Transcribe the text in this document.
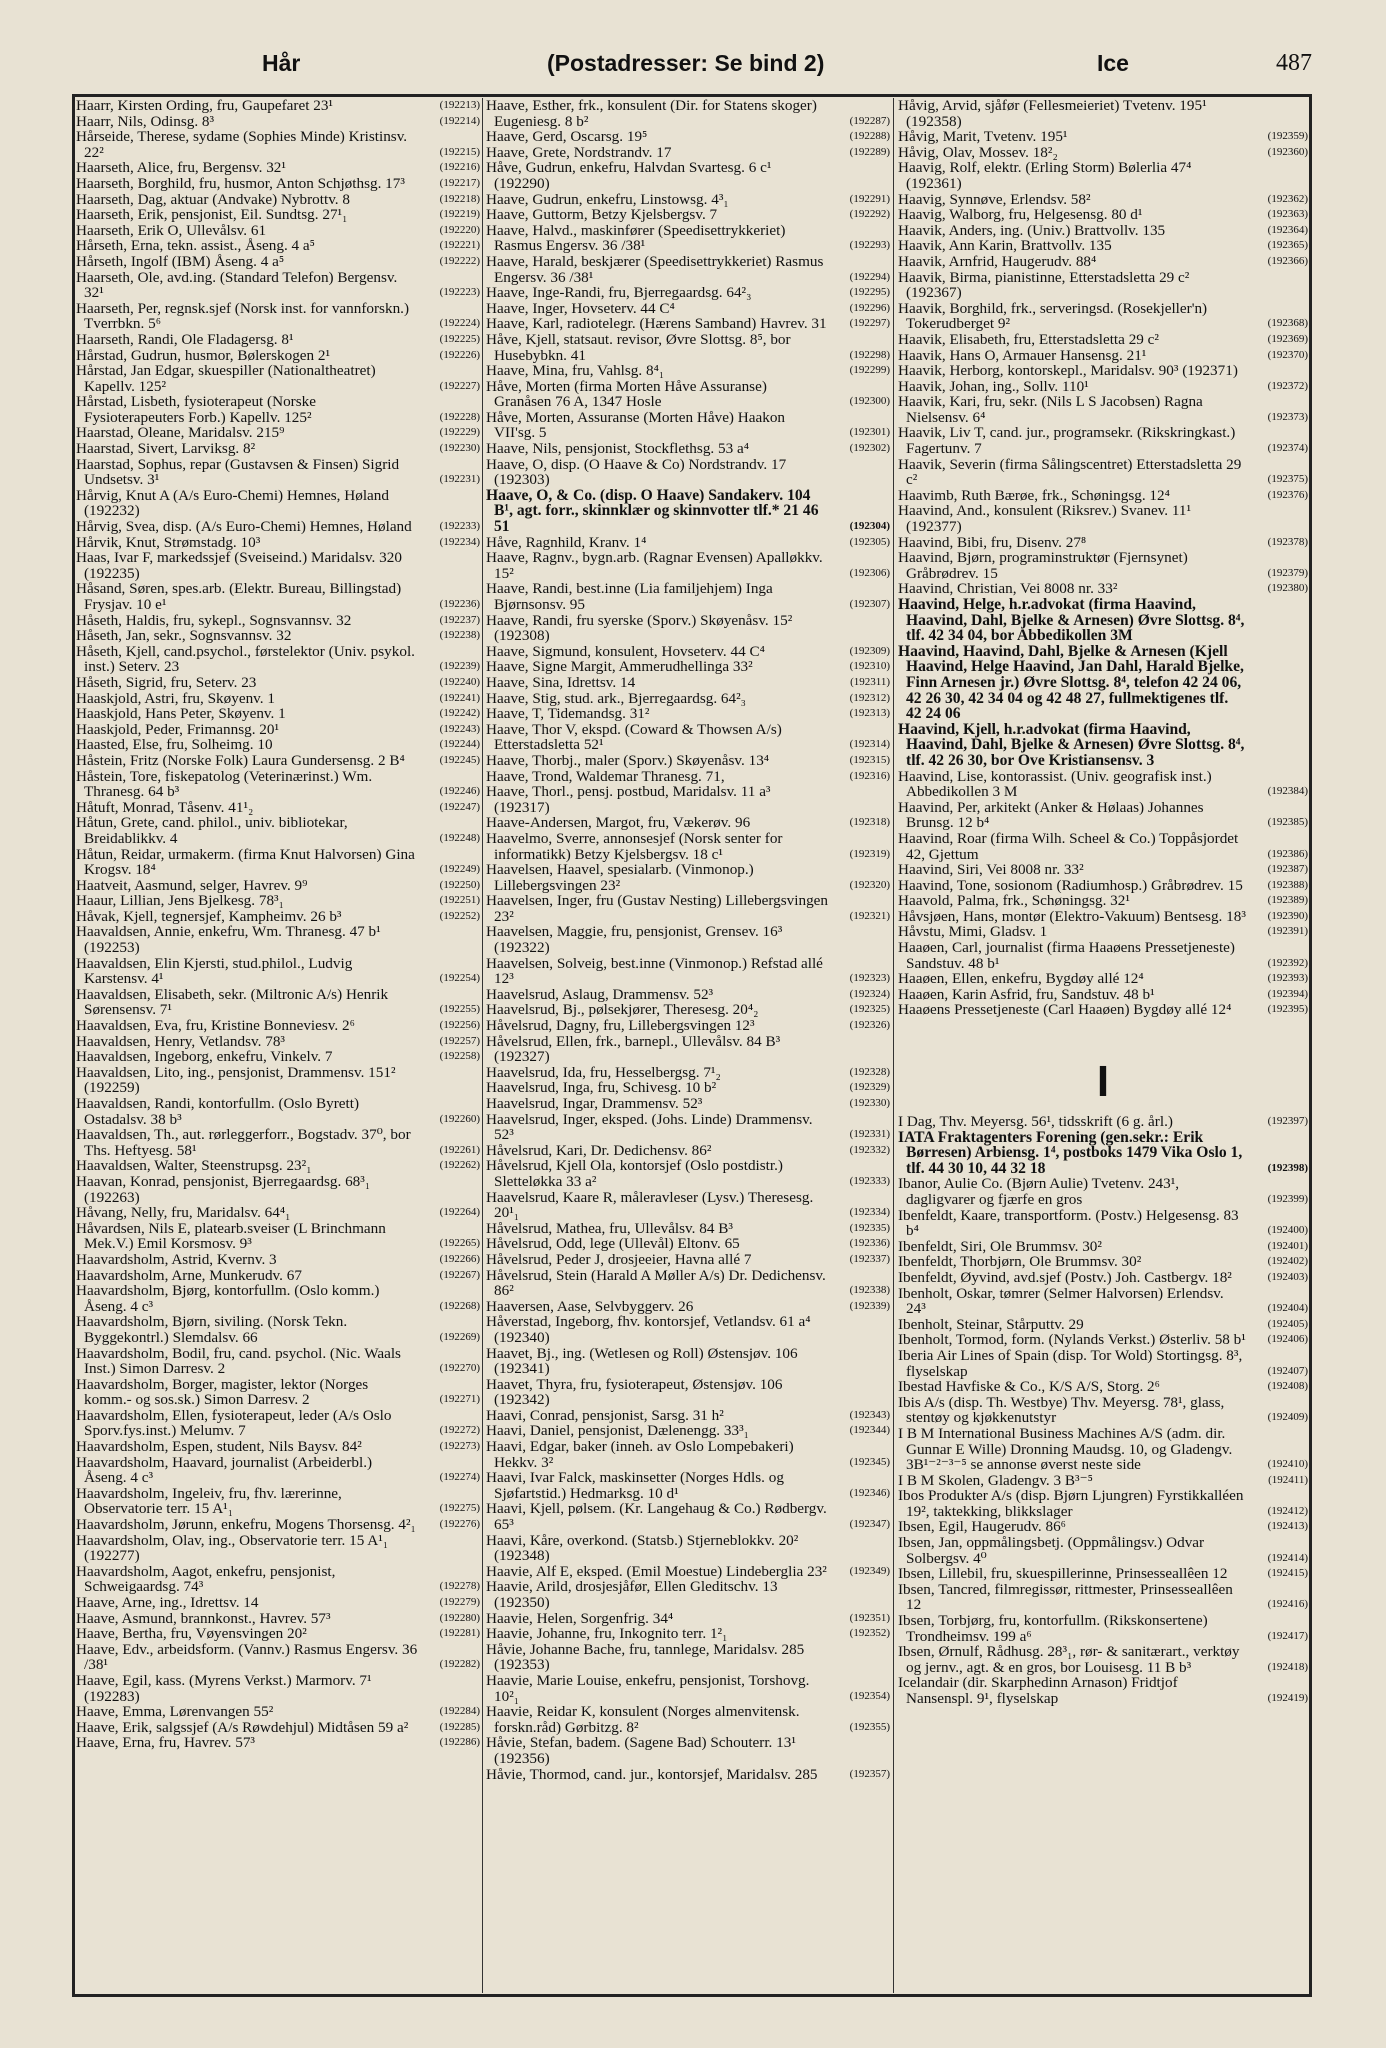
Hår	(Postadresser: Se bind 2)	Ice	487
Haarr, Kirsten Ording, fru, Gaupefaret 23¹	(192213)
Haarr, Nils, Odinsg. 8³	(192214)
Hårseide, Therese, sydame (Sophies Minde) Kristinsv. 22²	(192215)
Haarseth, Alice, fru, Bergensv. 32¹	(192216)
Haarseth, Borghild, fru, husmor, Anton Schjøthsg. 17³	(192217)
Haarseth, Dag, aktuar (Andvake) Nybrottv. 8	(192218)
Haarseth, Erik, pensjonist, Eil. Sundtsg. 27¹₁	(192219)
Haarseth, Erik O, Ullevålsv. 61	(192220)
Hårseth, Erna, tekn. assist., Åseng. 4 a⁵	(192221)
Hårseth, Ingolf (IBM) Åseng. 4 a⁵	(192222)
Haarseth, Ole, avd.ing. (Standard Telefon) Bergensv. 32¹	(192223)
Haarseth, Per, regnsk.sjef (Norsk inst. for vannforskn.) Tverrbkn. 5⁶	(192224)
Haarseth, Randi, Ole Fladagersg. 8¹	(192225)
Hårstad, Gudrun, husmor, Bølerskogen 2¹	(192226)
Hårstad, Jan Edgar, skuespiller (Nationaltheatret) Kapellv. 125²	(192227)
Hårstad, Lisbeth, fysioterapeut (Norske Fysioterapeuters Forb.) Kapellv. 125²	(192228)
Haarstad, Oleane, Maridalsv. 215⁹	(192229)
Haarstad, Sivert, Larviksg. 8²	(192230)
Haarstad, Sophus, repar (Gustavsen & Finsen) Sigrid Undsetsv. 3¹	(192231)
Hårvig, Knut A (A/s Euro-Chemi) Hemnes, Høland (192232)
Hårvig, Svea, disp. (A/s Euro-Chemi) Hemnes, Høland	(192233)
Hårvik, Knut, Strømstadg. 10³	(192234)
Haas, Ivar F, markedssjef (Sveiseind.) Maridalsv. 320 (192235)
Håsand, Søren, spes.arb. (Elektr. Bureau, Billingstad) Frysjav. 10 e¹	(192236)
Håseth, Haldis, fru, sykepl., Sognsvannsv. 32	(192237)
Håseth, Jan, sekr., Sognsvannsv. 32	(192238)
Håseth, Kjell, cand.psychol., førstelektor (Univ. psykol. inst.) Seterv. 23	(192239)
Håseth, Sigrid, fru, Seterv. 23	(192240)
Haaskjold, Astri, fru, Skøyenv. 1	(192241)
Haaskjold, Hans Peter, Skøyenv. 1	(192242)
Haaskjold, Peder, Frimannsg. 20¹	(192243)
Haasted, Else, fru, Solheimg. 10	(192244)
Håstein, Fritz (Norske Folk) Laura Gundersensg. 2 B⁴	(192245)
Håstein, Tore, fiskepatolog (Veterinærinst.) Wm. Thranesg. 64 b³	(192246)
Håtuft, Monrad, Tåsenv. 41¹₂	(192247)
Håtun, Grete, cand. philol., univ. bibliotekar, Breidablikkv. 4	(192248)
Håtun, Reidar, urmakerm. (firma Knut Halvorsen) Gina Krogsv. 18⁴	(192249)
Haatveit, Aasmund, selger, Havrev. 9⁹	(192250)
Haaur, Lillian, Jens Bjelkesg. 78³₁	(192251)
Håvak, Kjell, tegnersjef, Kampheimv. 26 b³	(192252)
Haavaldsen, Annie, enkefru, Wm. Thranesg. 47 b¹ (192253)
Haavaldsen, Elin Kjersti, stud.philol., Ludvig Karstensv. 4¹	(192254)
Haavaldsen, Elisabeth, sekr. (Miltronic A/s) Henrik Sørensensv. 7¹	(192255)
Haavaldsen, Eva, fru, Kristine Bonneviesv. 2⁶	(192256)
Haavaldsen, Henry, Vetlandsv. 78³	(192257)
Haavaldsen, Ingeborg, enkefru, Vinkelv. 7	(192258)
Haavaldsen, Lito, ing., pensjonist, Drammensv. 151² (192259)
Haavaldsen, Randi, kontorfullm. (Oslo Byrett) Ostadalsv. 38 b³	(192260)
Haavaldsen, Th., aut. rørleggerforr., Bogstadv. 37⁰, bor Ths. Heftyesg. 58¹	(192261)
Haavaldsen, Walter, Steenstrupsg. 23²₁	(192262)
Haavan, Konrad, pensjonist, Bjerregaardsg. 68³₁ (192263)
Håvang, Nelly, fru, Maridalsv. 64⁴₁	(192264)
Håvardsen, Nils E, platearb.sveiser (L Brinchmann Mek.V.) Emil Korsmosv. 9³	(192265)
Haavardsholm, Astrid, Kvernv. 3	(192266)
Haavardsholm, Arne, Munkerudv. 67	(192267)
Haavardsholm, Bjørg, kontorfullm. (Oslo komm.) Åseng. 4 c³	(192268)
Haavardsholm, Bjørn, siviling. (Norsk Tekn. Byggekontrl.) Slemdalsv. 66	(192269)
Haavardsholm, Bodil, fru, cand. psychol. (Nic. Waals Inst.) Simon Darresv. 2	(192270)
Haavardsholm, Borger, magister, lektor (Norges komm.- og sos.sk.) Simon Darresv. 2	(192271)
Haavardsholm, Ellen, fysioterapeut, leder (A/s Oslo Sporv.fys.inst.) Melumv. 7	(192272)
Haavardsholm, Espen, student, Nils Baysv. 84²	(192273)
Haavardsholm, Haavard, journalist (Arbeiderbl.) Åseng. 4 c³	(192274)
Haavardsholm, Ingeleiv, fru, fhv. lærerinne, Observatorie terr. 15 A¹₁	(192275)
Haavardsholm, Jørunn, enkefru, Mogens Thorsensg. 4²₁ (192276)
Haavardsholm, Olav, ing., Observatorie terr. 15 A¹₁ (192277)
Haavardsholm, Aagot, enkefru, pensjonist, Schweigaardsg. 74³	(192278)
Haave, Arne, ing., Idrettsv. 14	(192279)
Haave, Asmund, brannkonst., Havrev. 57³	(192280)
Haave, Bertha, fru, Vøyensvingen 20²	(192281)
Haave, Edv., arbeidsform. (Vannv.) Rasmus Engersv. 36 /38¹	(192282)
Haave, Egil, kass. (Myrens Verkst.) Marmorv. 7¹ (192283)
Haave, Emma, Lørenvangen 55²	(192284)
Haave, Erik, salgssjef (A/s Røwdehjul) Midtåsen 59 a²	(192285)
Haave, Erna, fru, Havrev. 57³	(192286)
Haave, Esther, frk., konsulent (Dir. for Statens skoger) Eugeniesg. 8 b²	(192287)
Haave, Gerd, Oscarsg. 19⁵	(192288)
Haave, Grete, Nordstrandv. 17	(192289)
Håve, Gudrun, enkefru, Halvdan Svartesg. 6 c¹ (192290)
Haave, Gudrun, enkefru, Linstowsg. 4³₁	(192291)
Haave, Guttorm, Betzy Kjelsbergsv. 7	(192292)
Haave, Halvd., maskinfører (Speedisettrykkeriet) Rasmus Engersv. 36 /38¹	(192293)
Haave, Harald, beskjærer (Speedisettrykkeriet) Rasmus Engersv. 36 /38¹	(192294)
Haave, Inge-Randi, fru, Bjerregaardsg. 64²₃	(192295)
Haave, Inger, Hovseterv. 44 C⁴	(192296)
Haave, Karl, radiotelegr. (Hærens Samband) Havrev. 31 (192297)
Håve, Kjell, statsaut. revisor, Øvre Slottsg. 8⁵, bor Husebybkn. 41	(192298)
Haave, Mina, fru, Vahlsg. 8⁴₁	(192299)
Håve, Morten (firma Morten Håve Assuranse) Granåsen 76 A, 1347 Hosle	(192300)
Håve, Morten, Assuranse (Morten Håve) Haakon VII'sg. 5	(192301)
Haave, Nils, pensjonist, Stockflethsg. 53 a⁴	(192302)
Haave, O, disp. (O Haave & Co) Nordstrandv. 17 (192303)
Haave, O, & Co. (disp. O Haave) Sandakerv. 104 B¹, agt. forr., skinnklær og skinnvotter tlf.* 21 46 51	(192304)
Håve, Ragnhild, Kranv. 1⁴	(192305)
Haave, Ragnv., bygn.arb. (Ragnar Evensen) Apalløkkv. 15²	(192306)
Haave, Randi, best.inne (Lia familjehjem) Inga Bjørnsonsv. 95	(192307)
Haave, Randi, fru syerske (Sporv.) Skøyenåsv. 15² (192308)
Haave, Sigmund, konsulent, Hovseterv. 44 C⁴	(192309)
Haave, Signe Margit, Ammerudhellinga 33²	(192310)
Haave, Sina, Idrettsv. 14	(192311)
Haave, Stig, stud. ark., Bjerregaardsg. 64²₃	(192312)
Haave, T, Tidemandsg. 31²	(192313)
Haave, Thor V, ekspd. (Coward & Thowsen A/s) Etterstadsletta 52¹	(192314)
Haave, Thorbj., maler (Sporv.) Skøyenåsv. 13⁴	(192315)
Haave, Trond, Waldemar Thranesg. 71,	(192316)
Haave, Thorl., pensj. postbud, Maridalsv. 11 a³ (192317)
Haave-Andersen, Margot, fru, Vækerøv. 96	(192318)
Haavelmo, Sverre, annonsesjef (Norsk senter for informatikk) Betzy Kjelsbergsv. 18 c¹	(192319)
Haavelsen, Haavel, spesialarb. (Vinmonop.) Lillebergsvingen 23²	(192320)
Haavelsen, Inger, fru (Gustav Nesting) Lillebergsvingen 23²	(192321)
Haavelsen, Maggie, fru, pensjonist, Grensev. 16³ (192322)
Haavelsen, Solveig, best.inne (Vinmonop.) Refstad allé 12³	(192323)
Haavelsrud, Aslaug, Drammensv. 52³	(192324)
Haavelsrud, Bj., pølsekjører, Theresesg. 20⁴₂	(192325)
Håvelsrud, Dagny, fru, Lillebergsvingen 12³	(192326)
Håvelsrud, Ellen, frk., barnepl., Ullevålsv. 84 B³ (192327)
Haavelsrud, Ida, fru, Hesselbergsg. 7¹₂	(192328)
Haavelsrud, Inga, fru, Schivesg. 10 b²	(192329)
Haavelsrud, Ingar, Drammensv. 52³	(192330)
Haavelsrud, Inger, eksped. (Johs. Linde) Drammensv. 52³	(192331)
Håvelsrud, Kari, Dr. Dedichensv. 86²	(192332)
Håvelsrud, Kjell Ola, kontorsjef (Oslo postdistr.) Sletteløkka 33 a²	(192333)
Haavelsrud, Kaare R, måleravleser (Lysv.) Theresesg. 20¹₁	(192334)
Håvelsrud, Mathea, fru, Ullevålsv. 84 B³	(192335)
Håvelsrud, Odd, lege (Ullevål) Eltonv. 65	(192336)
Håvelsrud, Peder J, drosjeeier, Havna allé 7	(192337)
Håvelsrud, Stein (Harald A Møller A/s) Dr. Dedichensv. 86²	(192338)
Haaversen, Aase, Selvbyggerv. 26	(192339)
Håverstad, Ingeborg, fhv. kontorsjef, Vetlandsv. 61 a⁴ (192340)
Haavet, Bj., ing. (Wetlesen og Roll) Østensjøv. 106 (192341)
Haavet, Thyra, fru, fysioterapeut, Østensjøv. 106 (192342)
Haavi, Conrad, pensjonist, Sarsg. 31 h²	(192343)
Haavi, Daniel, pensjonist, Dælenengg. 33³₁	(192344)
Haavi, Edgar, baker (inneh. av Oslo Lompebakeri) Hekkv. 3²	(192345)
Haavi, Ivar Falck, maskinsetter (Norges Hdls. og Sjøfartstid.) Hedmarksg. 10 d¹	(192346)
Haavi, Kjell, pølsem. (Kr. Langehaug & Co.) Rødbergv. 65³	(192347)
Haavi, Kåre, overkond. (Statsb.) Stjerneblokkv. 20² (192348)
Haavie, Alf E, eksped. (Emil Moestue) Lindeberglia 23² (192349)
Haavie, Arild, drosjesjåfør, Ellen Gleditschv. 13 (192350)
Haavie, Helen, Sorgenfrig. 34⁴	(192351)
Haavie, Johanne, fru, Inkognito terr. 1²₁	(192352)
Håvie, Johanne Bache, fru, tannlege, Maridalsv. 285 (192353)
Haavie, Marie Louise, enkefru, pensjonist, Torshovg. 10²₁	(192354)
Haavie, Reidar K, konsulent (Norges almenvitensk. forskn.råd) Gørbitzg. 8²	(192355)
Håvie, Stefan, badem. (Sagene Bad) Schouterr. 13¹ (192356)
Håvie, Thormod, cand. jur., kontorsjef, Maridalsv. 285	(192357)
Håvig, Arvid, sjåfør (Fellesmeieriet) Tvetenv. 195¹ (192358)
Håvig, Marit, Tvetenv. 195¹	(192359)
Håvig, Olav, Mossev. 18²₂	(192360)
Haavig, Rolf, elektr. (Erling Storm) Bølerlia 47⁴ (192361)
Haavig, Synnøve, Erlendsv. 58²	(192362)
Haavig, Walborg, fru, Helgesensg. 80 d¹	(192363)
Haavik, Anders, ing. (Univ.) Brattvollv. 135	(192364)
Haavik, Ann Karin, Brattvollv. 135	(192365)
Haavik, Arnfrid, Haugerudv. 88⁴	(192366)
Haavik, Birma, pianistinne, Etterstadsletta 29 c² (192367)
Haavik, Borghild, frk., serveringsd. (Rosekjeller'n) Tokerudberget 9²	(192368)
Haavik, Elisabeth, fru, Etterstadsletta 29 c²	(192369)
Haavik, Hans O, Armauer Hansensg. 21¹	(192370)
Haavik, Herborg, kontorskepl., Maridalsv. 90³ (192371)
Haavik, Johan, ing., Sollv. 110¹	(192372)
Haavik, Kari, fru, sekr. (Nils L S Jacobsen) Ragna Nielsensv. 6⁴	(192373)
Haavik, Liv T, cand. jur., programsekr. (Rikskringkast.) Fagertunv. 7	(192374)
Haavik, Severin (firma Sålingscentret) Etterstadsletta 29 c²	(192375)
Haavimb, Ruth Bærøe, frk., Schøningsg. 12⁴	(192376)
Haavind, And., konsulent (Riksrev.) Svanev. 11¹ (192377)
Haavind, Bibi, fru, Disenv. 27⁸	(192378)
Haavind, Bjørn, programinstruktør (Fjernsynet) Gråbrødrev. 15	(192379)
Haavind, Christian, Vei 8008 nr. 33²	(192380)
Haavind, Helge, h.r.advokat (firma Haavind, Haavind, Dahl, Bjelke & Arnesen) Øvre Slottsg. 8⁴, tlf. 42 34 04, bor Abbedikollen 3M
Haavind, Haavind, Dahl, Bjelke & Arnesen (Kjell Haavind, Helge Haavind, Jan Dahl, Harald Bjelke, Finn Arnesen jr.) Øvre Slottsg. 8⁴, telefon 42 24 06, 42 26 30, 42 34 04 og 42 48 27, fullmektigenes tlf. 42 24 06
Haavind, Kjell, h.r.advokat (firma Haavind, Haavind, Dahl, Bjelke & Arnesen) Øvre Slottsg. 8⁴, tlf. 42 26 30, bor Ove Kristiansensv. 3
Haavind, Lise, kontorassist. (Univ. geografisk inst.) Abbedikollen 3 M	(192384)
Haavind, Per, arkitekt (Anker & Hølaas) Johannes Brunsg. 12 b⁴	(192385)
Haavind, Roar (firma Wilh. Scheel & Co.) Toppåsjordet 42, Gjettum	(192386)
Haavind, Siri, Vei 8008 nr. 33²	(192387)
Haavind, Tone, sosionom (Radiumhosp.) Gråbrødrev. 15 (192388)
Haavold, Palma, frk., Schøningsg. 32¹	(192389)
Håvsjøen, Hans, montør (Elektro-Vakuum) Bentsesg. 18³ (192390)
Håvstu, Mimi, Gladsv. 1	(192391)
Haaøen, Carl, journalist (firma Haaøens Pressetjeneste) Sandstuv. 48 b¹	(192392)
Haaøen, Ellen, enkefru, Bygdøy allé 12⁴	(192393)
Haaøen, Karin Asfrid, fru, Sandstuv. 48 b¹	(192394)
Haaøens Pressetjeneste (Carl Haaøen) Bygdøy allé 12⁴	(192395)
I
I Dag, Thv. Meyersg. 56¹, tidsskrift (6 g. årl.)	(192397)
IATA Fraktagenters Forening (gen.sekr.: Erik Børresen) Arbiensg. 1⁴, postboks 1479 Vika Oslo 1, tlf. 44 30 10, 44 32 18	(192398)
Ibanor, Aulie Co. (Bjørn Aulie) Tvetenv. 243¹, dagligvarer og fjærfe en gros	(192399)
Ibenfeldt, Kaare, transportform. (Postv.) Helgesensg. 83 b⁴	(192400)
Ibenfeldt, Siri, Ole Brummsv. 30²	(192401)
Ibenfeldt, Thorbjørn, Ole Brummsv. 30²	(192402)
Ibenfeldt, Øyvind, avd.sjef (Postv.) Joh. Castbergv. 18²	(192403)
Ibenholt, Oskar, tømrer (Selmer Halvorsen) Erlendsv. 24³	(192404)
Ibenholt, Steinar, Stårputtv. 29	(192405)
Ibenholt, Tormod, form. (Nylands Verkst.) Østerliv. 58 b¹ (192406)
Iberia Air Lines of Spain (disp. Tor Wold) Stortingsg. 8³, flyselskap	(192407)
Ibestad Havfiske & Co., K/S A/S, Storg. 2⁶	(192408)
Ibis A/s (disp. Th. Westbye) Thv. Meyersg. 78¹, glass, stentøy og kjøkkenutstyr	(192409)
I B M International Business Machines A/S (adm. dir. Gunnar E Wille) Dronning Maudsg. 10, og Gladengv. 3B¹⁻²⁻³⁻⁵ se annonse øverst neste side	(192410)
I B M Skolen, Gladengv. 3 B³⁻⁵	(192411)
Ibos Produkter A/s (disp. Bjørn Ljungren) Fyrstikkalléen 19², taktekking, blikkslager	(192412)
Ibsen, Egil, Haugerudv. 86⁶	(192413)
Ibsen, Jan, oppmålingsbetj. (Oppmålingsv.) Odvar Solbergsv. 4⁰	(192414)
Ibsen, Lillebil, fru, skuespillerinne, Prinsesseallêen 12	(192415)
Ibsen, Tancred, filmregissør, rittmester, Prinsesseallêen 12	(192416)
Ibsen, Torbjørg, fru, kontorfullm. (Rikskonsertene) Trondheimsv. 199 a⁶	(192417)
Ibsen, Ørnulf, Rådhusg. 28³₁, rør- & sanitærart., verktøy og jernv., agt. & en gros, bor Louisesg. 11 B b³	(192418)
Icelandair (dir. Skarphedinn Arnason) Fridtjof Nansenspl. 9¹, flyselskap	(192419)
